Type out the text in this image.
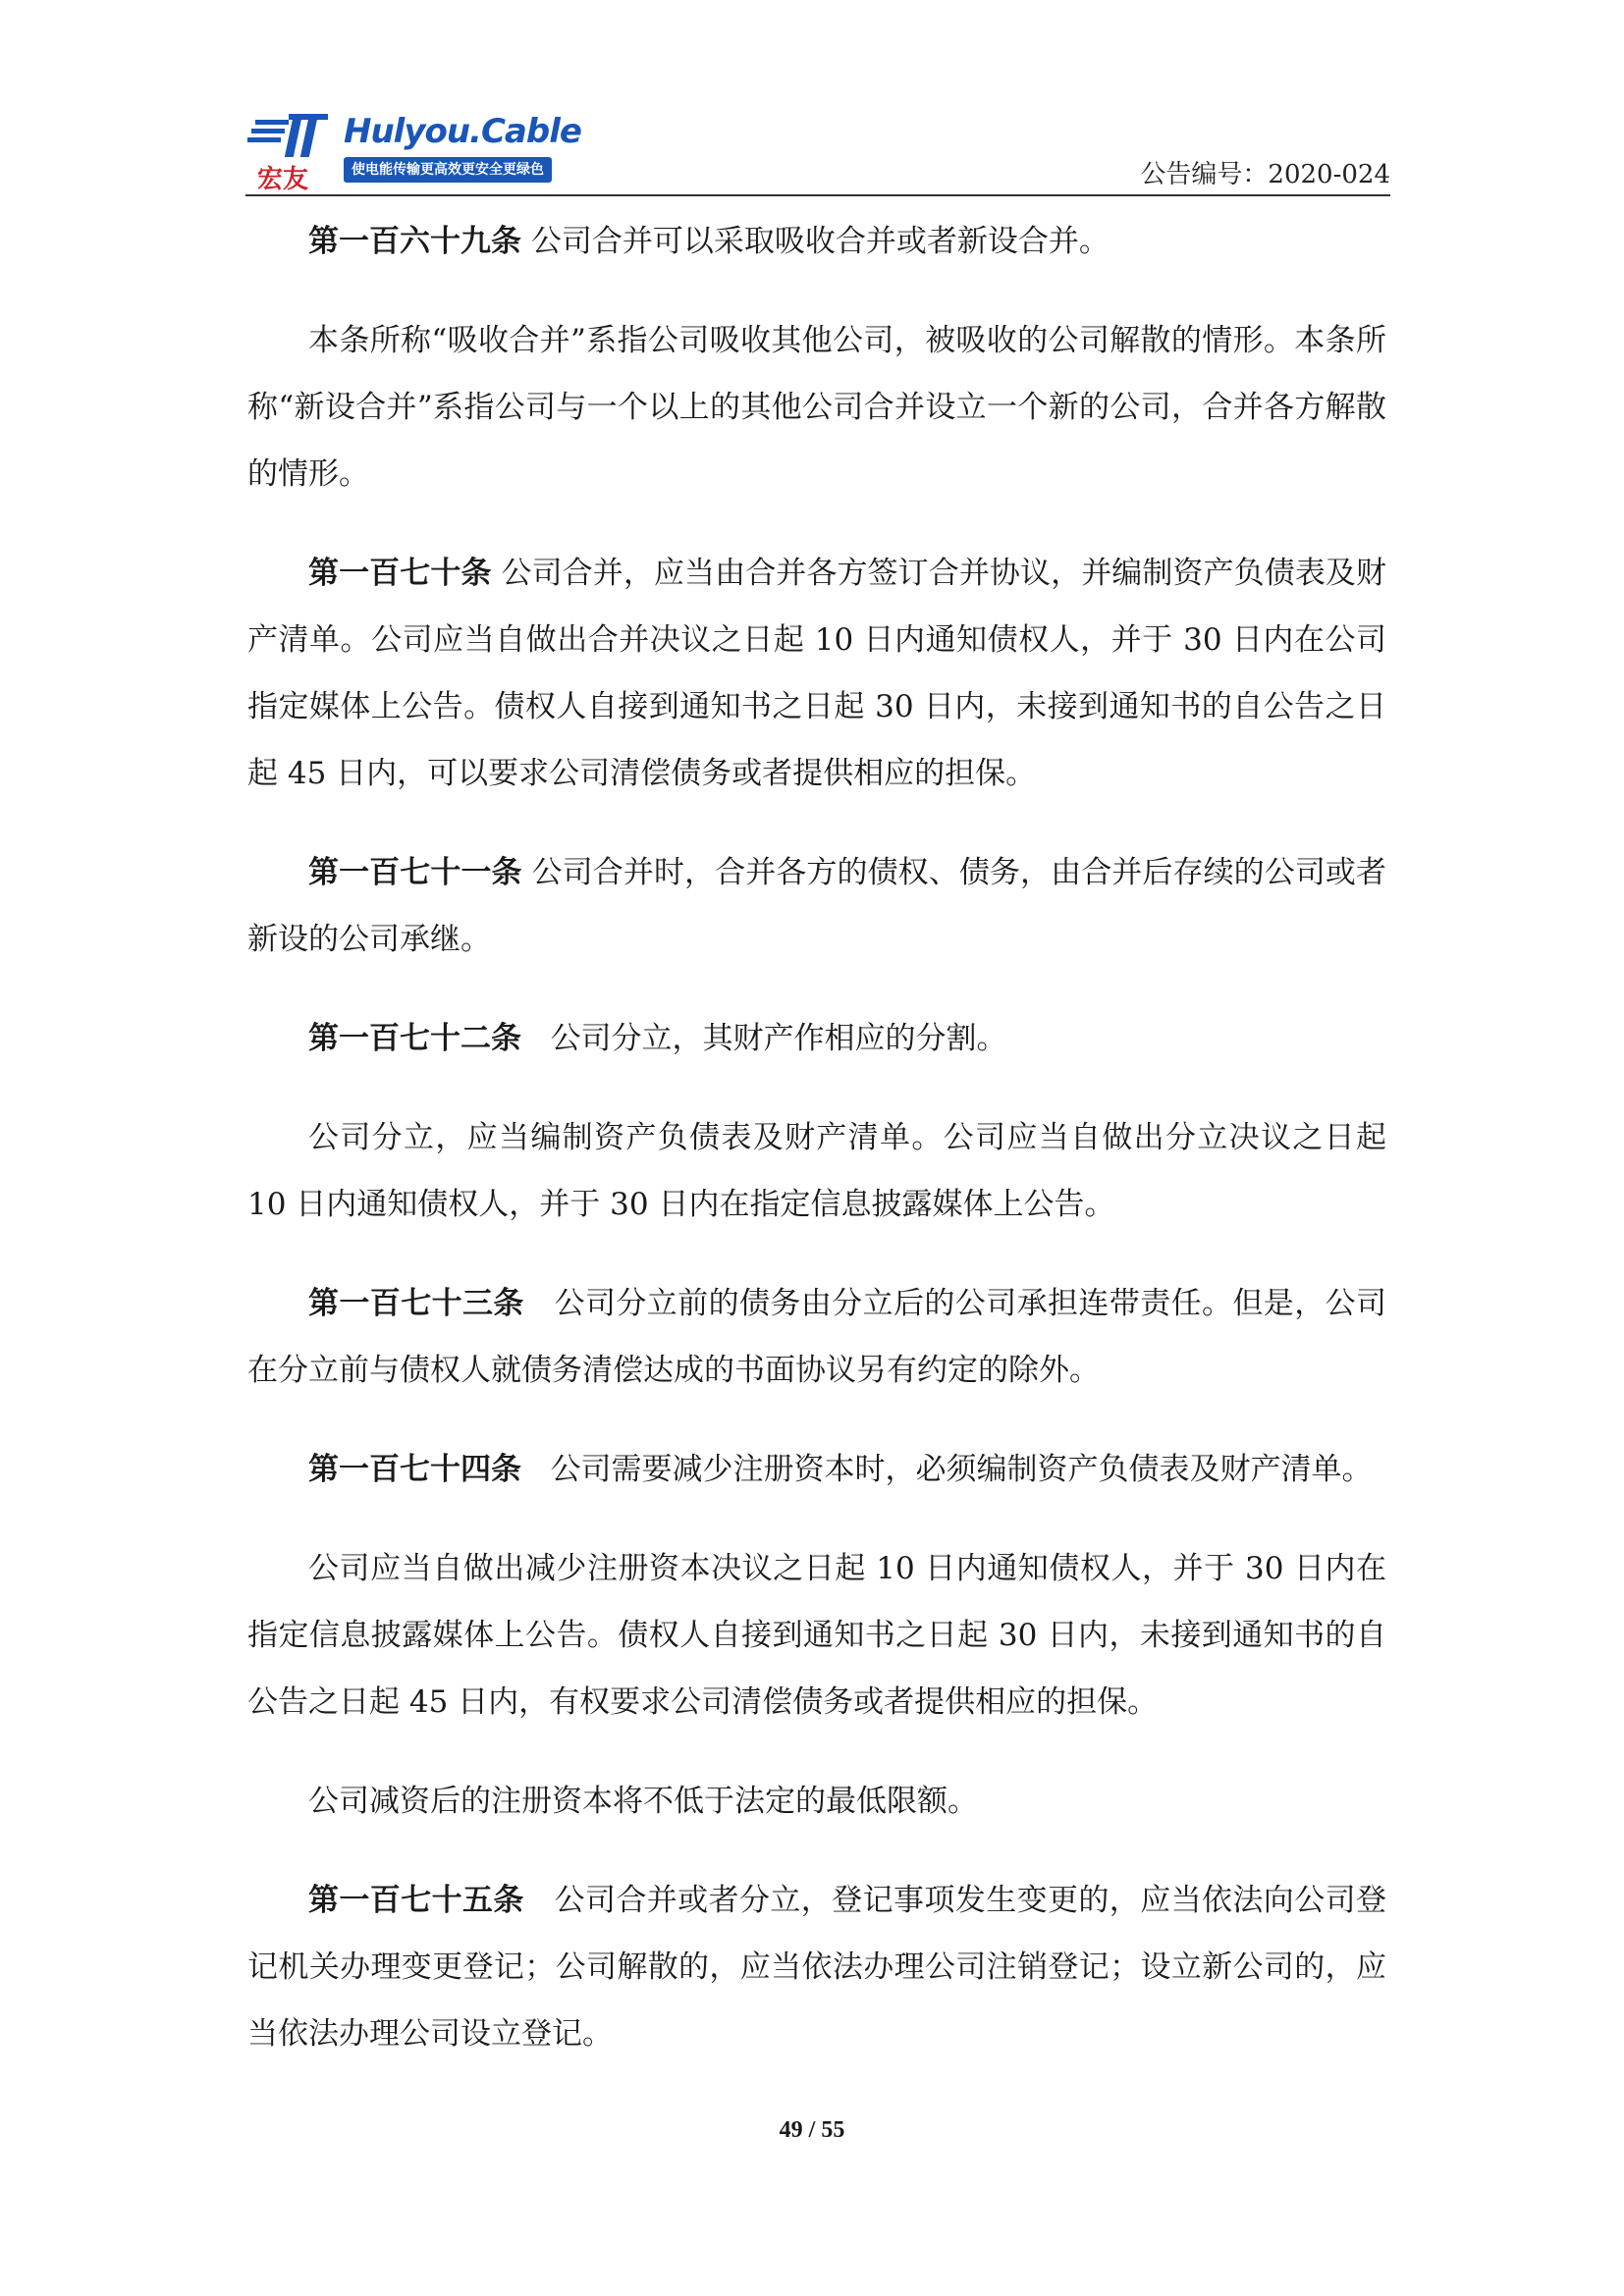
Hulyou.Cable
使电能传输更高效更安全更绿色
宏友	公告编号：2020-024

第一百六十九条 公司合并可以采取吸收合并或者新设合并。

本条所称“吸收合并”系指公司吸收其他公司，被吸收的公司解散的情形。本条所称“新设合并”系指公司与一个以上的其他公司合并设立一个新的公司，合并各方解散的情形。

第一百七十条 公司合并，应当由合并各方签订合并协议，并编制资产负债表及财产清单。公司应当自做出合并决议之日起 10 日内通知债权人，并于 30 日内在公司指定媒体上公告。债权人自接到通知书之日起 30 日内，未接到通知书的自公告之日起 45 日内，可以要求公司清偿债务或者提供相应的担保。

第一百七十一条 公司合并时，合并各方的债权、债务，由合并后存续的公司或者新设的公司承继。

第一百七十二条 公司分立，其财产作相应的分割。

公司分立，应当编制资产负债表及财产清单。公司应当自做出分立决议之日起 10 日内通知债权人，并于 30 日内在指定信息披露媒体上公告。

第一百七十三条 公司分立前的债务由分立后的公司承担连带责任。但是，公司在分立前与债权人就债务清偿达成的书面协议另有约定的除外。

第一百七十四条 公司需要减少注册资本时，必须编制资产负债表及财产清单。

公司应当自做出减少注册资本决议之日起 10 日内通知债权人，并于 30 日内在指定信息披露媒体上公告。债权人自接到通知书之日起 30 日内，未接到通知书的自公告之日起 45 日内，有权要求公司清偿债务或者提供相应的担保。

公司减资后的注册资本将不低于法定的最低限额。

第一百七十五条 公司合并或者分立，登记事项发生变更的，应当依法向公司登记机关办理变更登记；公司解散的，应当依法办理公司注销登记；设立新公司的，应当依法办理公司设立登记。

49 / 55
